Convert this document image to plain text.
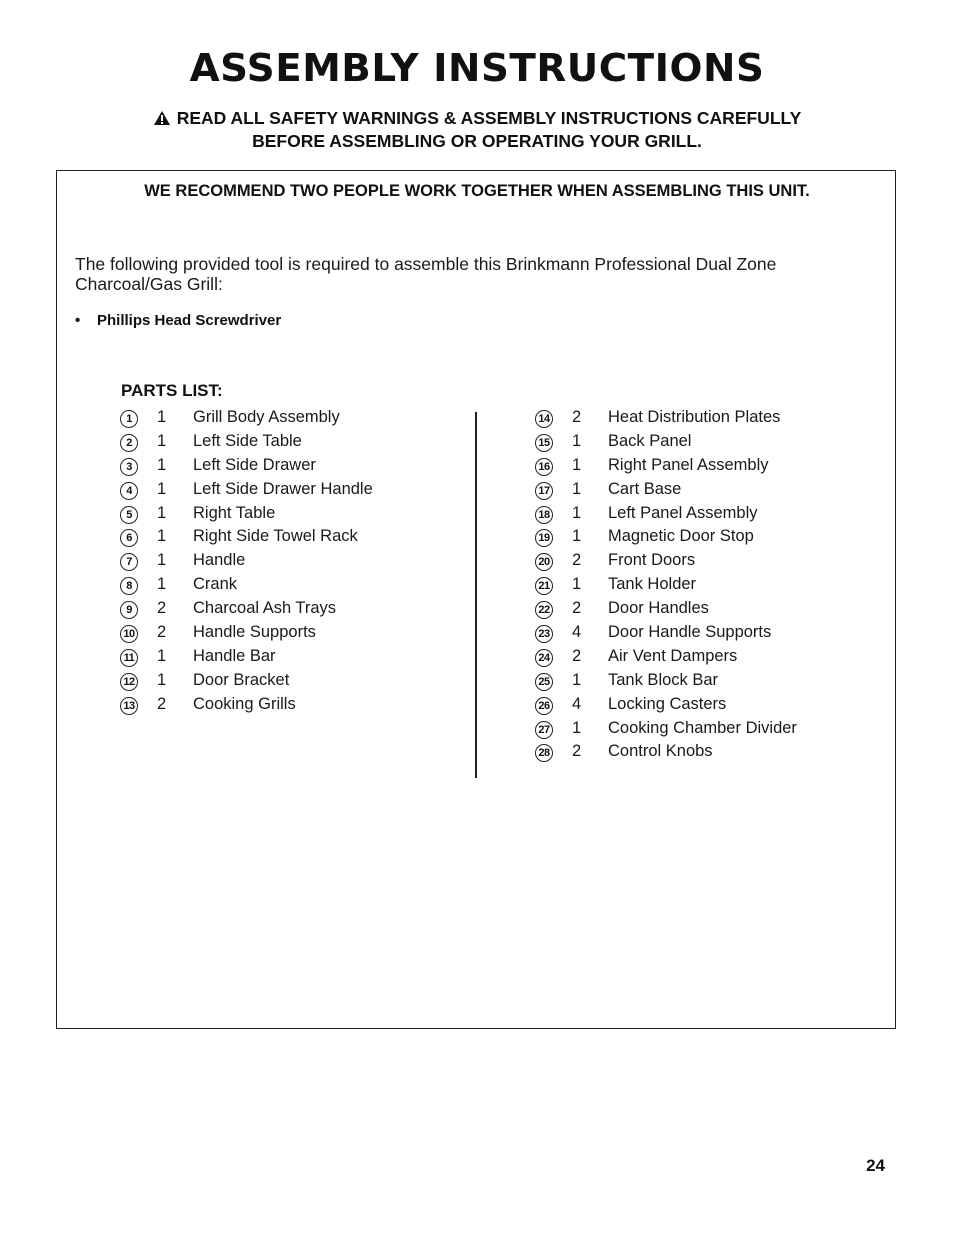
ASSEMBLY INSTRUCTIONS
READ ALL SAFETY WARNINGS & ASSEMBLY INSTRUCTIONS CAREFULLY
BEFORE ASSEMBLING OR OPERATING YOUR GRILL.
WE RECOMMEND TWO PEOPLE WORK TOGETHER WHEN ASSEMBLING THIS UNIT.
The following provided tool is required to assemble this Brinkmann Professional Dual Zone Charcoal/Gas Grill:
• Phillips Head Screwdriver
PARTS LIST:
1	1 Grill Body Assembly
2	1 Left Side Table
3	1 Left Side Drawer
4	1 Left Side Drawer Handle
5	1 Right Table
6	1 Right Side Towel Rack
7	1 Handle
8	1 Crank
9	2 Charcoal Ash Trays
10 2 Handle Supports
11 1 Handle Bar
12 1 Door Bracket
13 2 Cooking Grills
14 2 Heat Distribution Plates
15 1 Back Panel
16 1 Right Panel Assembly
17 1 Cart Base
18 1 Left Panel Assembly
19 1 Magnetic Door Stop
20 2 Front Doors
21 1 Tank Holder
22 2 Door Handles
23 4 Door Handle Supports
24 2 Air Vent Dampers
25 1 Tank Block Bar
26 4 Locking Casters
27 1 Cooking Chamber Divider
28 2 Control Knobs
24
